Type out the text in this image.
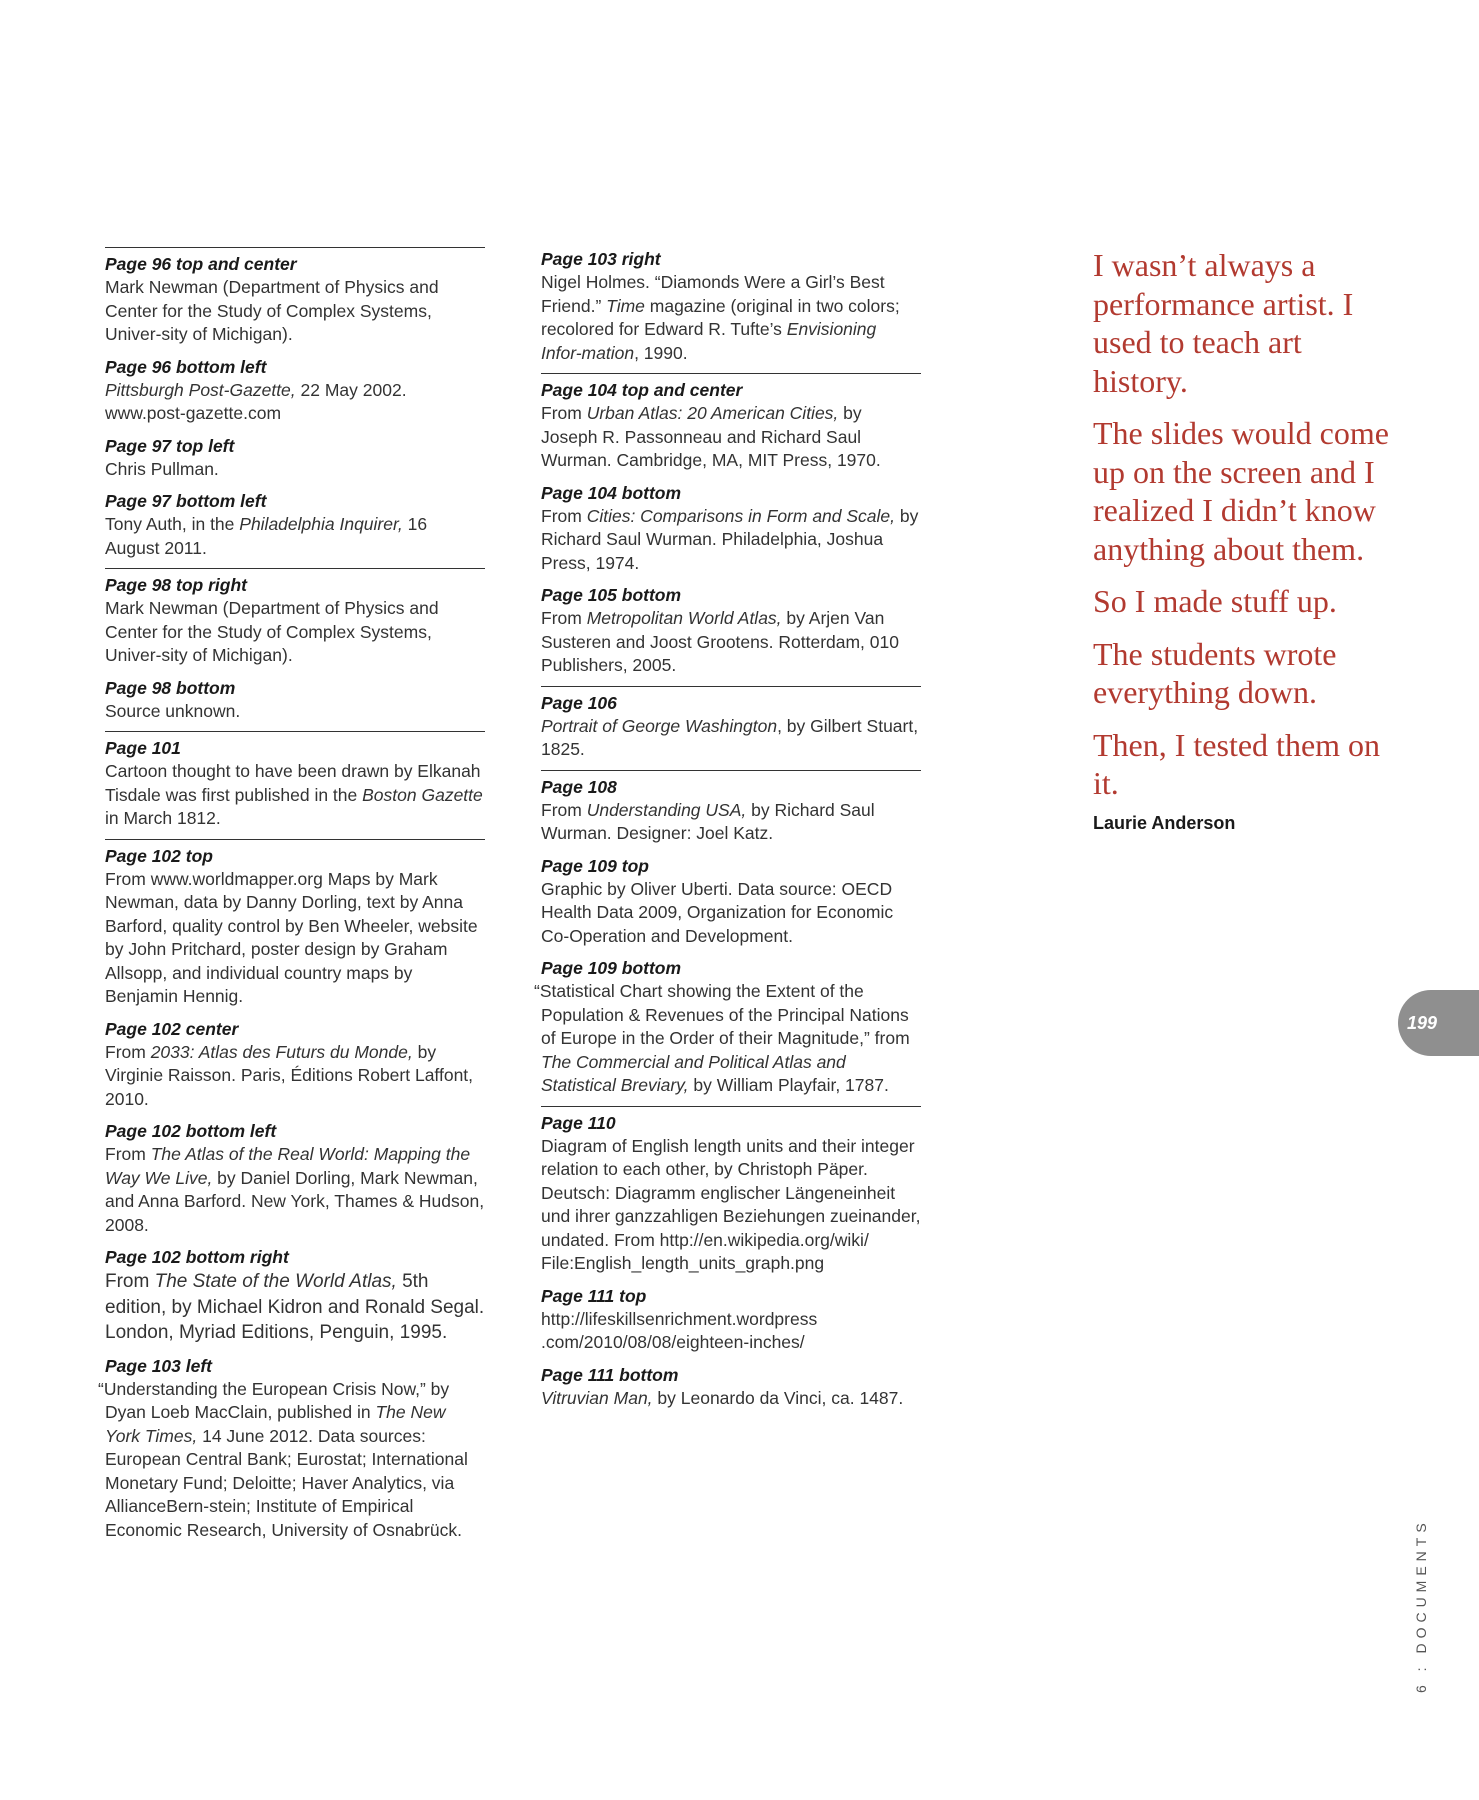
Page 96 top and center
Mark Newman (Department of Physics and Center for the Study of Complex Systems, Univer-sity of Michigan).
Page 96 bottom left
Pittsburgh Post-Gazette, 22 May 2002. www.post-gazette.com
Page 97 top left
Chris Pullman.
Page 97 bottom left
Tony Auth, in the Philadelphia Inquirer, 16 August 2011.
Page 98 top right
Mark Newman (Department of Physics and Center for the Study of Complex Systems, Univer-sity of Michigan).
Page 98 bottom
Source unknown.
Page 101
Cartoon thought to have been drawn by Elkanah Tisdale was first published in the Boston Gazette in March 1812.
Page 102 top
From www.worldmapper.org Maps by Mark Newman, data by Danny Dorling, text by Anna Barford, quality control by Ben Wheeler, website by John Pritchard, poster design by Graham Allsopp, and individual country maps by Benjamin Hennig.
Page 102 center
From 2033: Atlas des Futurs du Monde, by Virginie Raisson. Paris, Éditions Robert Laffont, 2010.
Page 102 bottom left
From The Atlas of the Real World: Mapping the Way We Live, by Daniel Dorling, Mark Newman, and Anna Barford. New York, Thames & Hudson, 2008.
Page 102 bottom right
From The State of the World Atlas, 5th edition, by Michael Kidron and Ronald Segal. London, Myriad Editions, Penguin, 1995.
Page 103 left
“Understanding the European Crisis Now,” by Dyan Loeb MacClain, published in The New York Times, 14 June 2012. Data sources: European Central Bank; Eurostat; International Monetary Fund; Deloitte; Haver Analytics, via AllianceBern-stein; Institute of Empirical Economic Research, University of Osnabrück.
Page 103 right
Nigel Holmes. “Diamonds Were a Girl’s Best Friend.” Time magazine (original in two colors; recolored for Edward R. Tufte’s Envisioning Infor-mation, 1990.
Page 104 top and center
From Urban Atlas: 20 American Cities, by Joseph R. Passonneau and Richard Saul Wurman. Cambridge, MA, MIT Press, 1970.
Page 104 bottom
From Cities: Comparisons in Form and Scale, by Richard Saul Wurman. Philadelphia, Joshua Press, 1974.
Page 105 bottom
From Metropolitan World Atlas, by Arjen Van Susteren and Joost Grootens. Rotterdam, 010 Publishers, 2005.
Page 106
Portrait of George Washington, by Gilbert Stuart, 1825.
Page 108
From Understanding USA, by Richard Saul Wurman. Designer: Joel Katz.
Page 109 top
Graphic by Oliver Uberti. Data source: OECD Health Data 2009, Organization for Economic Co-Operation and Development.
Page 109 bottom
“Statistical Chart showing the Extent of the Population & Revenues of the Principal Nations of Europe in the Order of their Magnitude,” from The Commercial and Political Atlas and Statistical Breviary, by William Playfair, 1787.
Page 110
Diagram of English length units and their integer relation to each other, by Christoph Päper. Deutsch: Diagramm englischer Längeneinheit und ihrer ganzzahligen Beziehungen zueinander, undated. From http://en.wikipedia.org/wiki/ File:English_length_units_graph.png
Page 111 top
http://lifeskillsenrichment.wordpress .com/2010/08/08/eighteen-inches/
Page 111 bottom
Vitruvian Man, by Leonardo da Vinci, ca. 1487.

I wasn’t always a performance artist. I used to teach art history.

The slides would come up on the screen and I realized I didn’t know anything about them.

So I made stuff up.

The students wrote everything down.

Then, I tested them on it.

Laurie Anderson
199
6 : DOCUMENTS
